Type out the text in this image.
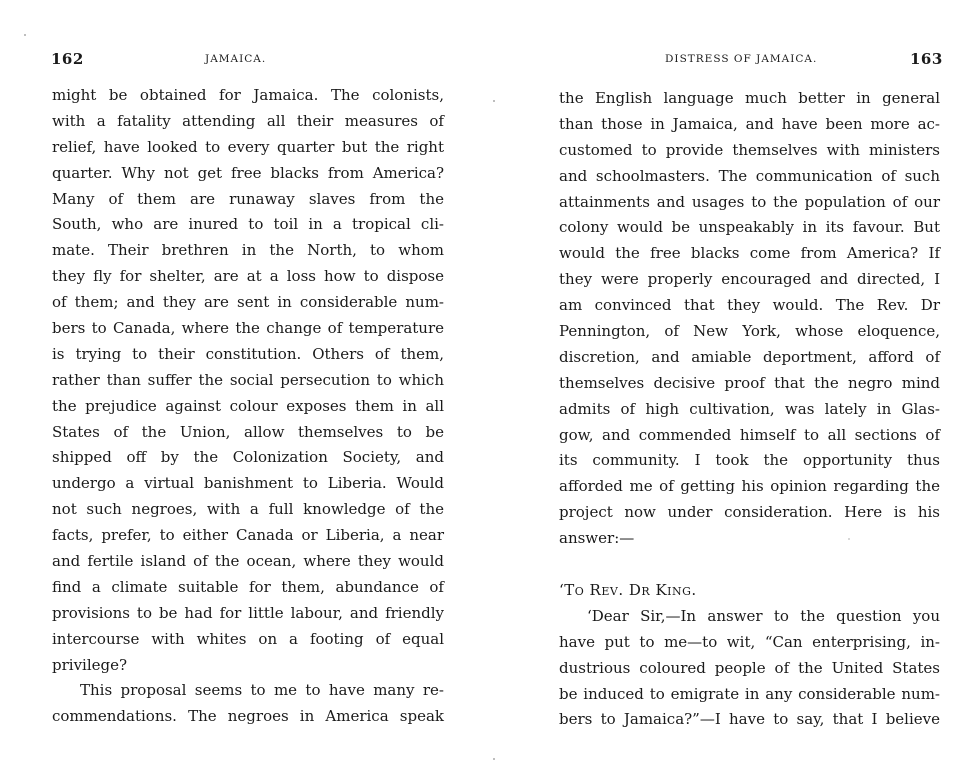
162	JAMAICA.
might be obtained for Jamaica. The colonists,
with a fatality attending all their measures of
relief, have looked to every quarter but the right
quarter. Why not get free blacks from America?
Many of them are runaway slaves from the
South, who are inured to toil in a tropical cli-
mate. Their brethren in the North, to whom
they fly for shelter, are at a loss how to dispose
of them; and they are sent in considerable num-
bers to Canada, where the change of temperature
is trying to their constitution. Others of them,
rather than suffer the social persecution to which
the prejudice against colour exposes them in all
States of the Union, allow themselves to be
shipped off by the Colonization Society, and
undergo a virtual banishment to Liberia. Would
not such negroes, with a full knowledge of the
facts, prefer, to either Canada or Liberia, a near
and fertile island of the ocean, where they would
find a climate suitable for them, abundance of
provisions to be had for little labour, and friendly
intercourse with whites on a footing of equal
privilege?
This proposal seems to me to have many re-
commendations. The negroes in America speak
DISTRESS OF JAMAICA.	163
the English language much better in general
than those in Jamaica, and have been more ac-
customed to provide themselves with ministers
and schoolmasters. The communication of such
attainments and usages to the population of our
colony would be unspeakably in its favour. But
would the free blacks come from America? If
they were properly encouraged and directed, I
am convinced that they would. The Rev. Dr
Pennington, of New York, whose eloquence,
discretion, and amiable deportment, afford of
themselves decisive proof that the negro mind
admits of high cultivation, was lately in Glas-
gow, and commended himself to all sections of
its community. I took the opportunity thus
afforded me of getting his opinion regarding the
project now under consideration. Here is his
answer:—
‘To Rev. Dr King.
‘Dear Sir,—In answer to the question you
have put to me—to wit, “Can enterprising, in-
dustrious coloured people of the United States
be induced to emigrate in any considerable num-
bers to Jamaica?”—I have to say, that I believe
